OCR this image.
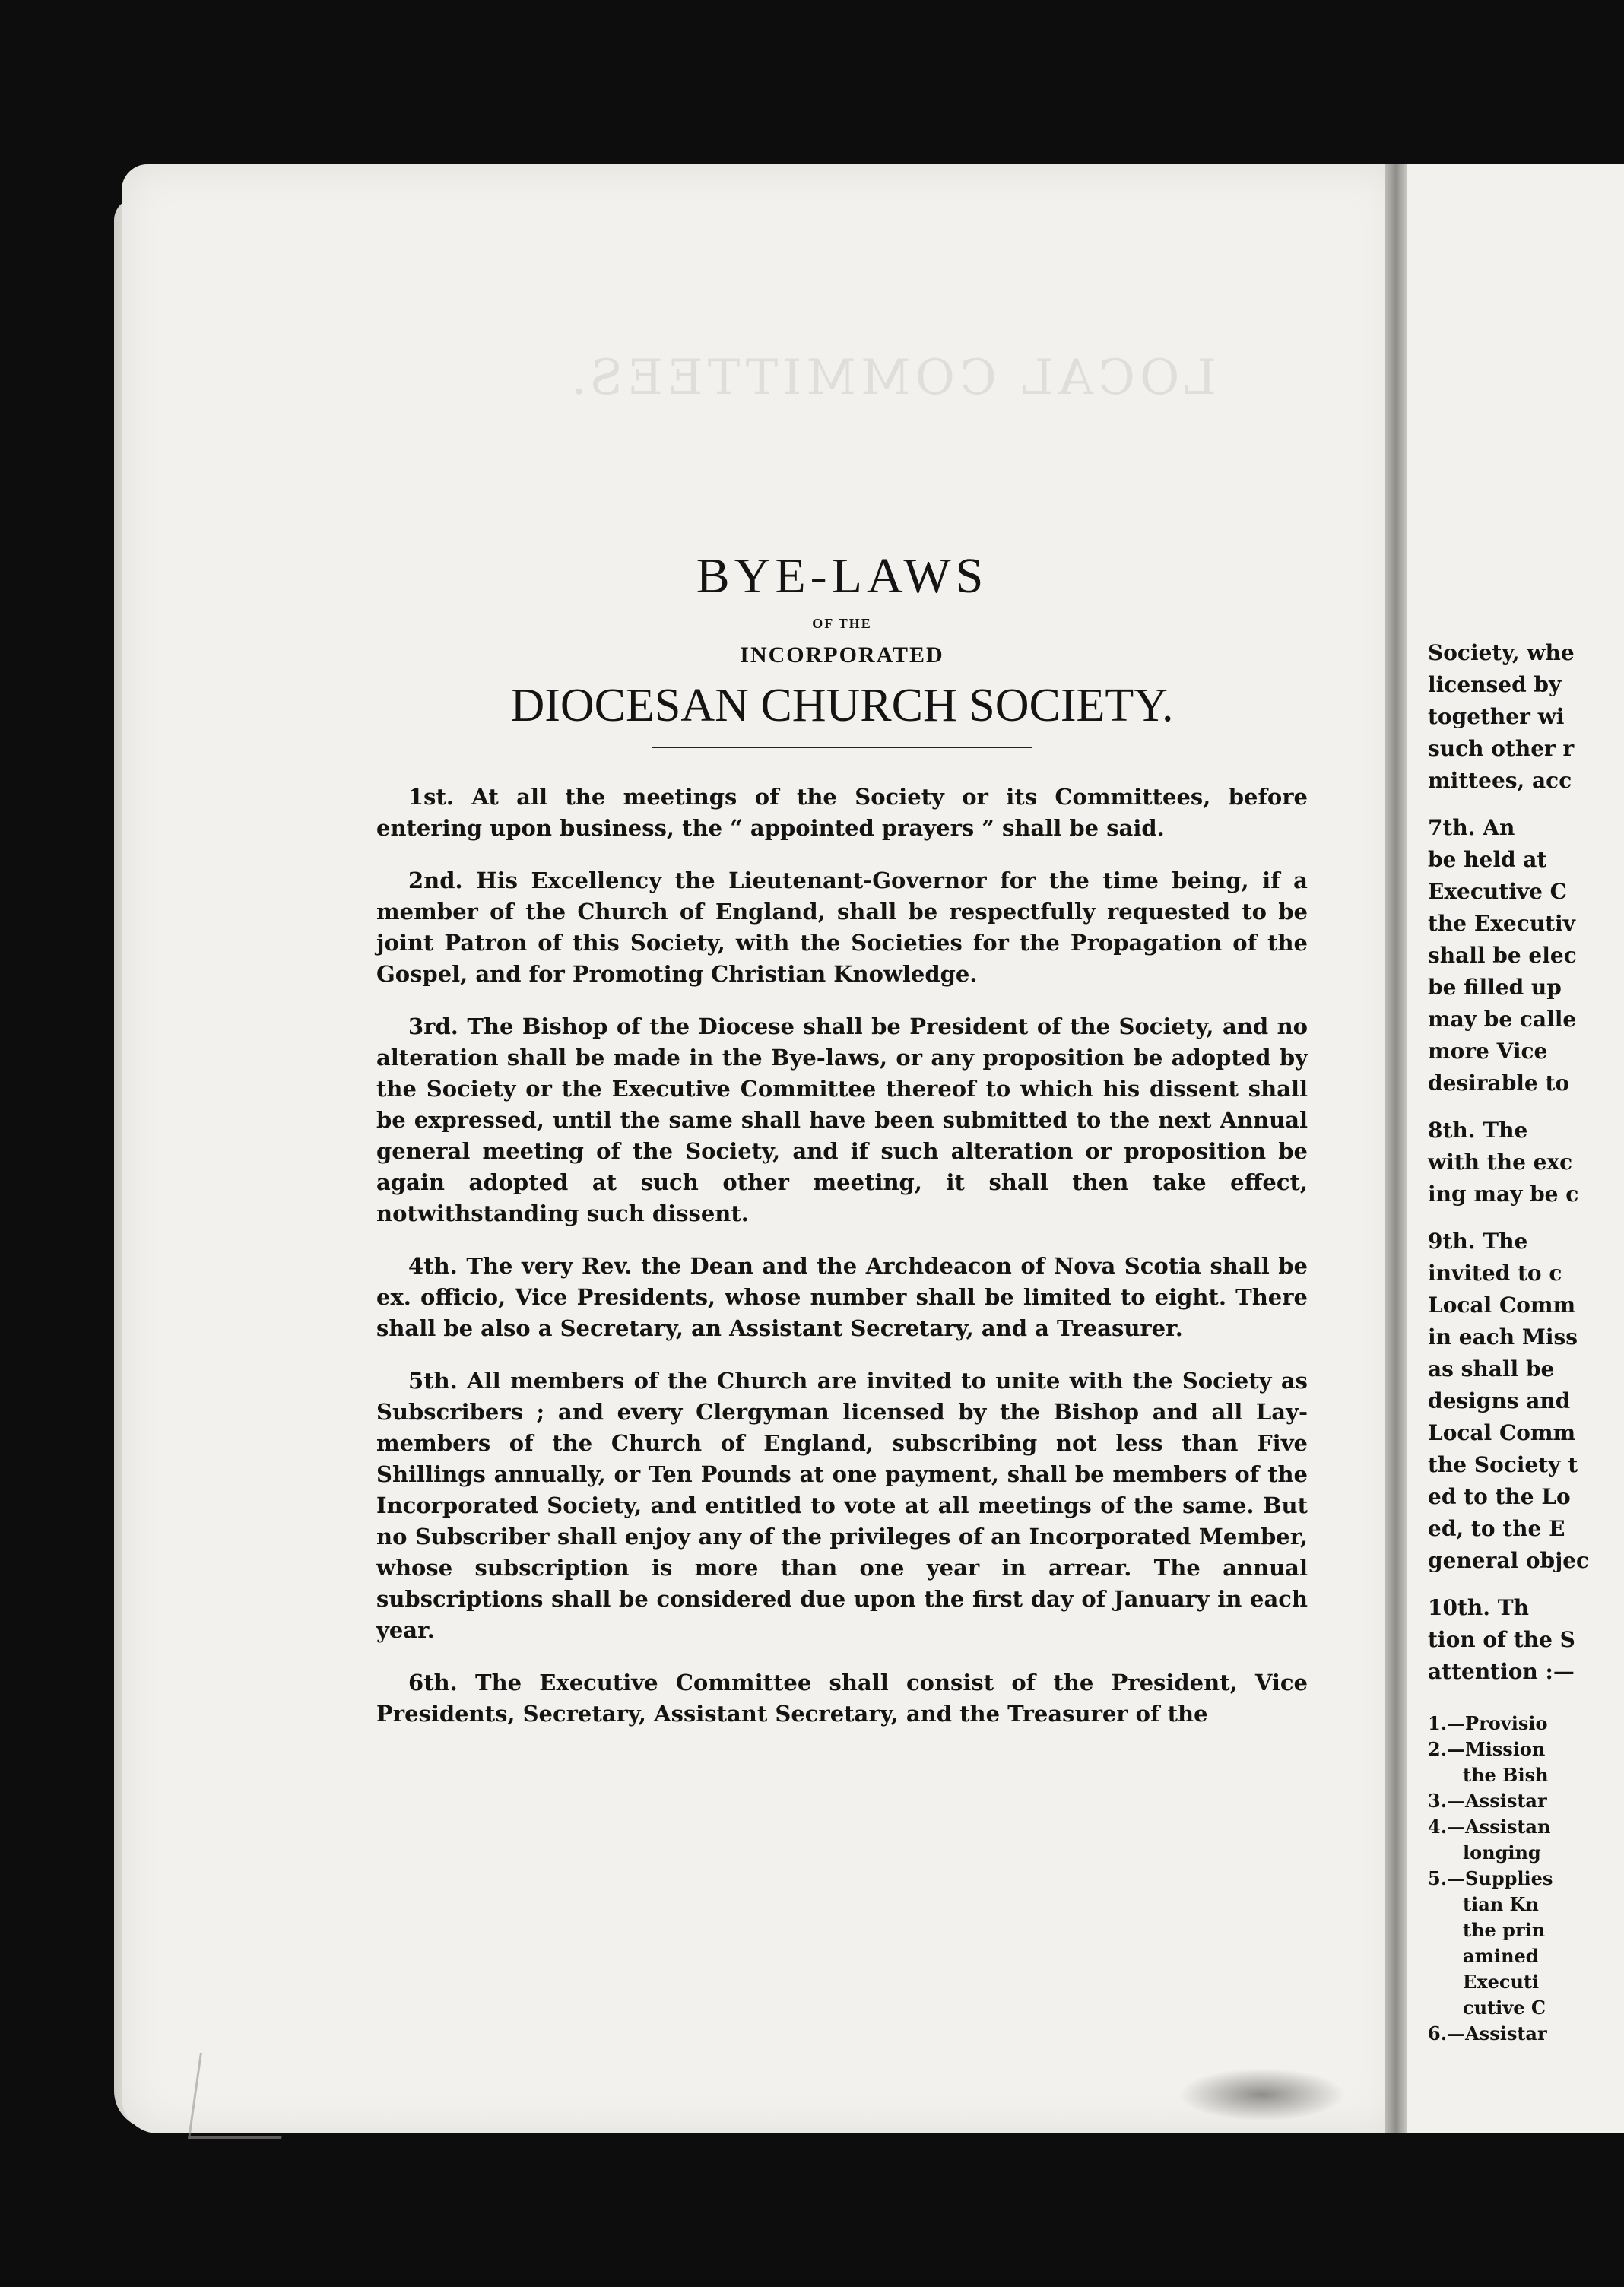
Society, whe
licensed by
together wi
such other r
mittees, acc
7th. An
be held at
Executive C
the Executiv
shall be elec
be filled up
may be calle
more Vice
desirable to
8th. The
with the exc
ing may be c
9th. The
invited to c
Local Comm
in each Miss
as shall be
designs and
Local Comm
the Society t
ed to the Lo
ed, to the E
general objec
10th. Th
tion of the S
attention :—
1.—Provisio
2.—Mission
the Bish
3.—Assistar
4.—Assistan
longing
5.—Supplies
tian Kn
the prin
amined
Executi
cutive C
6.—Assistar
LOCAL COMMITTEES.
BYE-LAWS
OF THE
INCORPORATED
DIOCESAN CHURCH SOCIETY.

1st. At all the meetings of the Society or its Committees, before entering upon business, the “ appointed prayers ” shall be said.

2nd. His Excellency the Lieutenant-Governor for the time being, if a member of the Church of England, shall be respectfully requested to be joint Patron of this Society, with the Societies for the Propagation of the Gospel, and for Promoting Christian Knowledge.

3rd. The Bishop of the Diocese shall be President of the Society, and no alteration shall be made in the Bye-laws, or any proposition be adopted by the Society or the Executive Committee thereof to which his dissent shall be expressed, until the same shall have been submitted to the next Annual general meeting of the Society, and if such alteration or proposition be again adopted at such other meeting, it shall then take effect, notwithstanding such dissent.

4th. The very Rev. the Dean and the Archdeacon of Nova Scotia shall be ex. officio, Vice Presidents, whose number shall be limited to eight. There shall be also a Secretary, an Assistant Secretary, and a Treasurer.

5th. All members of the Church are invited to unite with the Society as Subscribers ; and every Clergyman licensed by the Bishop and all Lay-members of the Church of England, subscribing not less than Five Shillings annually, or Ten Pounds at one payment, shall be members of the Incorporated Society, and entitled to vote at all meetings of the same. But no Subscriber shall enjoy any of the privileges of an Incorporated Member, whose subscription is more than one year in arrear. The annual subscriptions shall be considered due upon the first day of January in each year.

6th. The Executive Committee shall consist of the President, Vice Presidents, Secretary, Assistant Secretary, and the Treasurer of the
